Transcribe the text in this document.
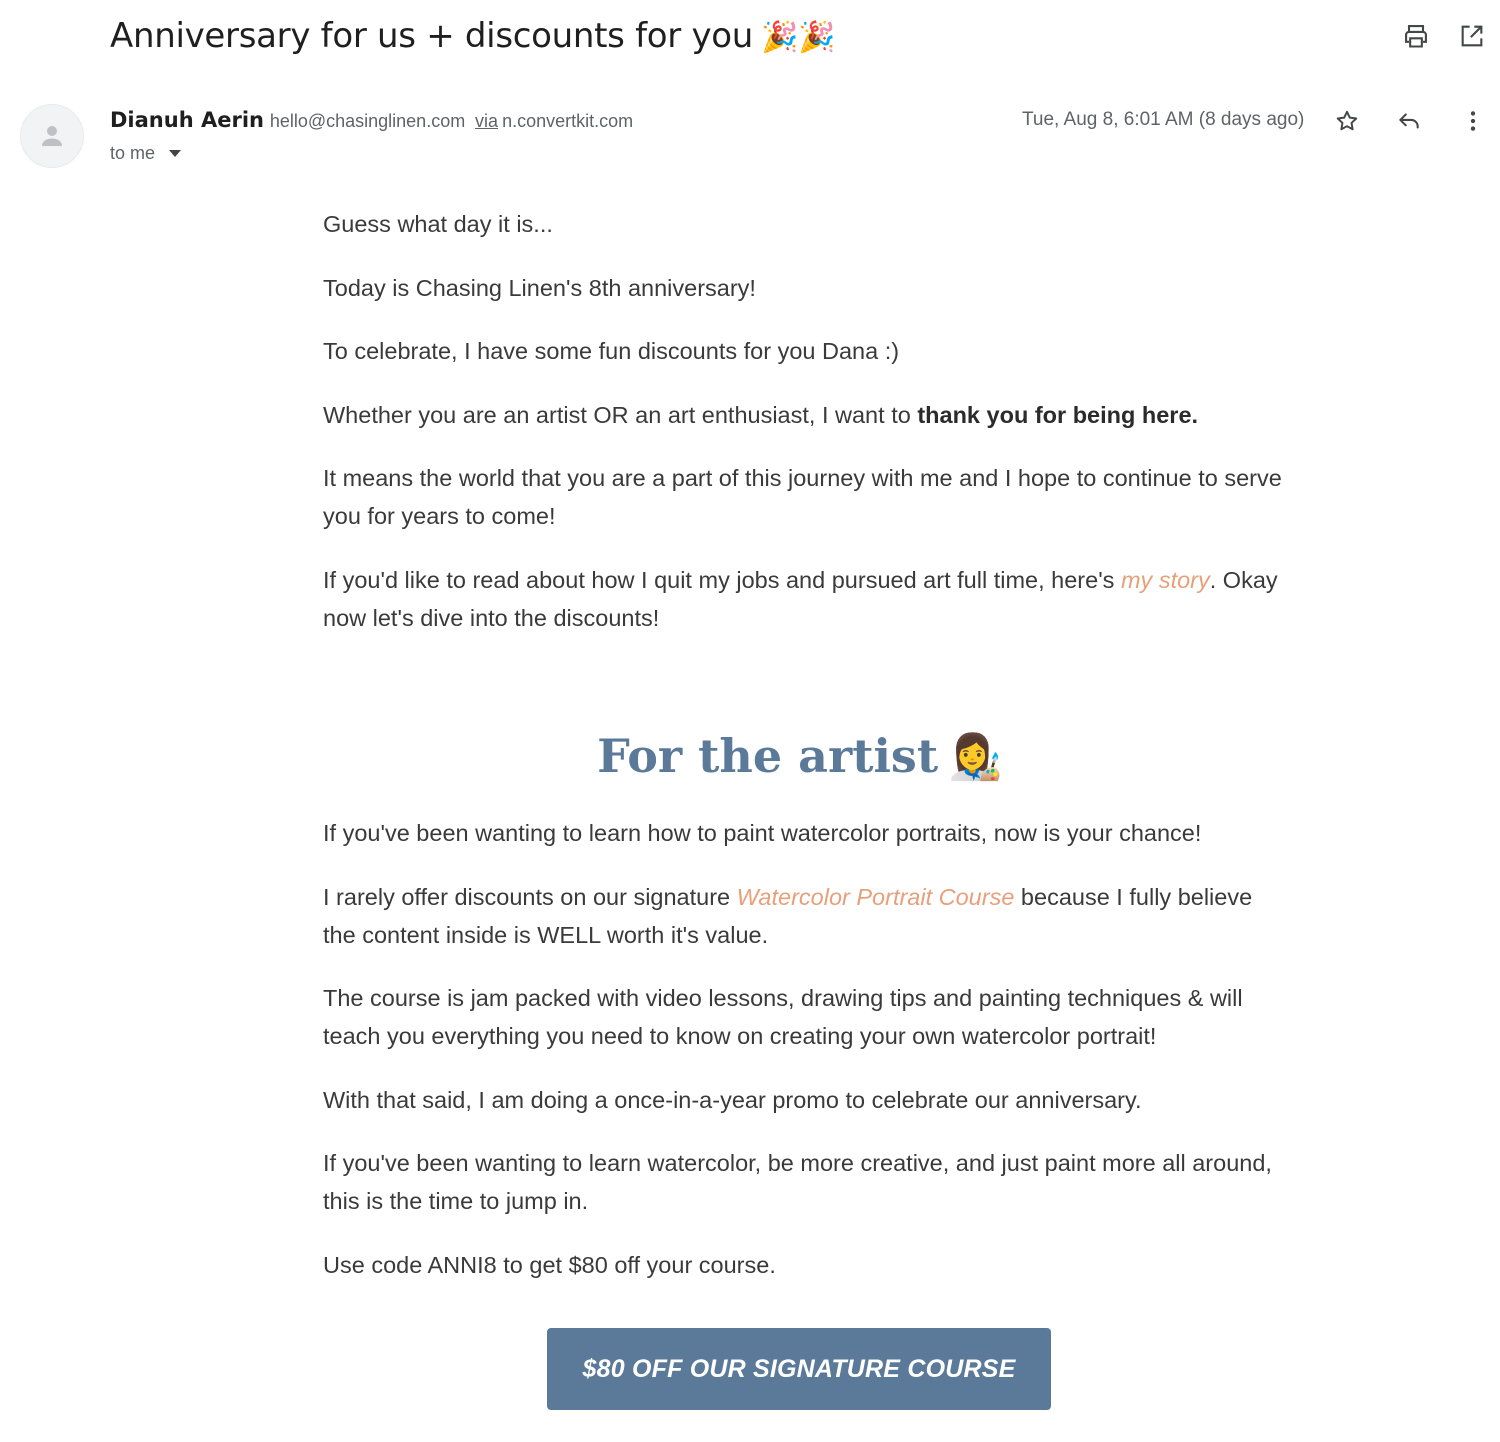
Anniversary for us + discounts for you 🎉🎉
Dianuh Aerin hello@chasinglinen.com via n.convertkit.com
to me
Tue, Aug 8, 6:01 AM (8 days ago)

Guess what day it is...

Today is Chasing Linen's 8th anniversary!

To celebrate, I have some fun discounts for you Dana :)

Whether you are an artist OR an art enthusiast, I want to thank you for being here.

It means the world that you are a part of this journey with me and I hope to continue to serve you for years to come!

If you'd like to read about how I quit my jobs and pursued art full time, here's my story. Okay now let's dive into the discounts!

For the artist 👩‍🎨

If you've been wanting to learn how to paint watercolor portraits, now is your chance!

I rarely offer discounts on our signature Watercolor Portrait Course because I fully believe the content inside is WELL worth it's value.

The course is jam packed with video lessons, drawing tips and painting techniques & will teach you everything you need to know on creating your own watercolor portrait!

With that said, I am doing a once-in-a-year promo to celebrate our anniversary.

If you've been wanting to learn watercolor, be more creative, and just paint more all around, this is the time to jump in.

Use code ANNI8 to get $80 off your course.

$80 OFF OUR SIGNATURE COURSE
